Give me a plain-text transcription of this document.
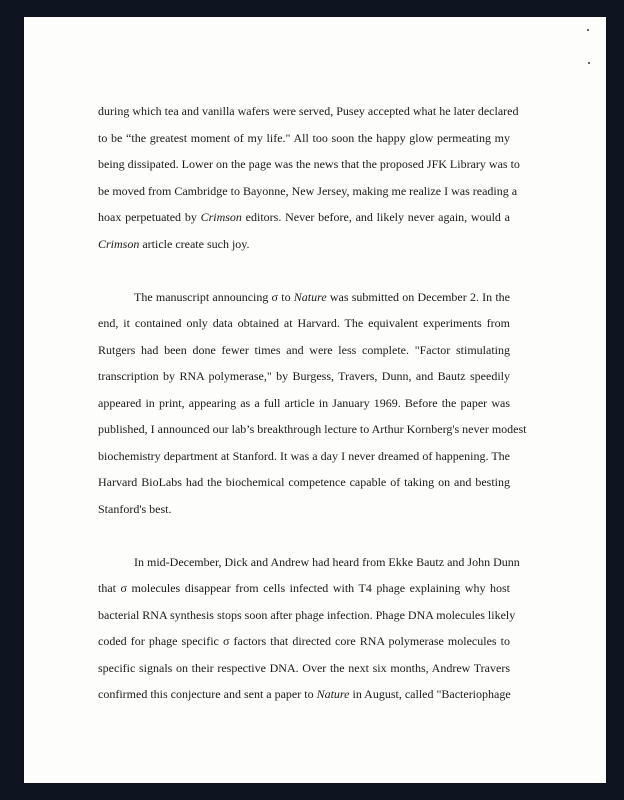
during which tea and vanilla wafers were served, Pusey accepted what he later declared
to be “the greatest moment of my life." All too soon the happy glow permeating my
being dissipated. Lower on the page was the news that the proposed JFK Library was to
be moved from Cambridge to Bayonne, New Jersey, making me realize I was reading a
hoax perpetuated by Crimson editors. Never before, and likely never again, would a
Crimson article create such joy.
The manuscript announcing σ to Nature was submitted on December 2. In the
end, it contained only data obtained at Harvard. The equivalent experiments from
Rutgers had been done fewer times and were less complete. "Factor stimulating
transcription by RNA polymerase," by Burgess, Travers, Dunn, and Bautz speedily
appeared in print, appearing as a full article in January 1969. Before the paper was
published, I announced our lab’s breakthrough lecture to Arthur Kornberg's never modest
biochemistry department at Stanford. It was a day I never dreamed of happening. The
Harvard BioLabs had the biochemical competence capable of taking on and besting
Stanford's best.
In mid-December, Dick and Andrew had heard from Ekke Bautz and John Dunn
that σ molecules disappear from cells infected with T4 phage explaining why host
bacterial RNA synthesis stops soon after phage infection. Phage DNA molecules likely
coded for phage specific σ factors that directed core RNA polymerase molecules to
specific signals on their respective DNA. Over the next six months, Andrew Travers
confirmed this conjecture and sent a paper to Nature in August, called "Bacteriophage
